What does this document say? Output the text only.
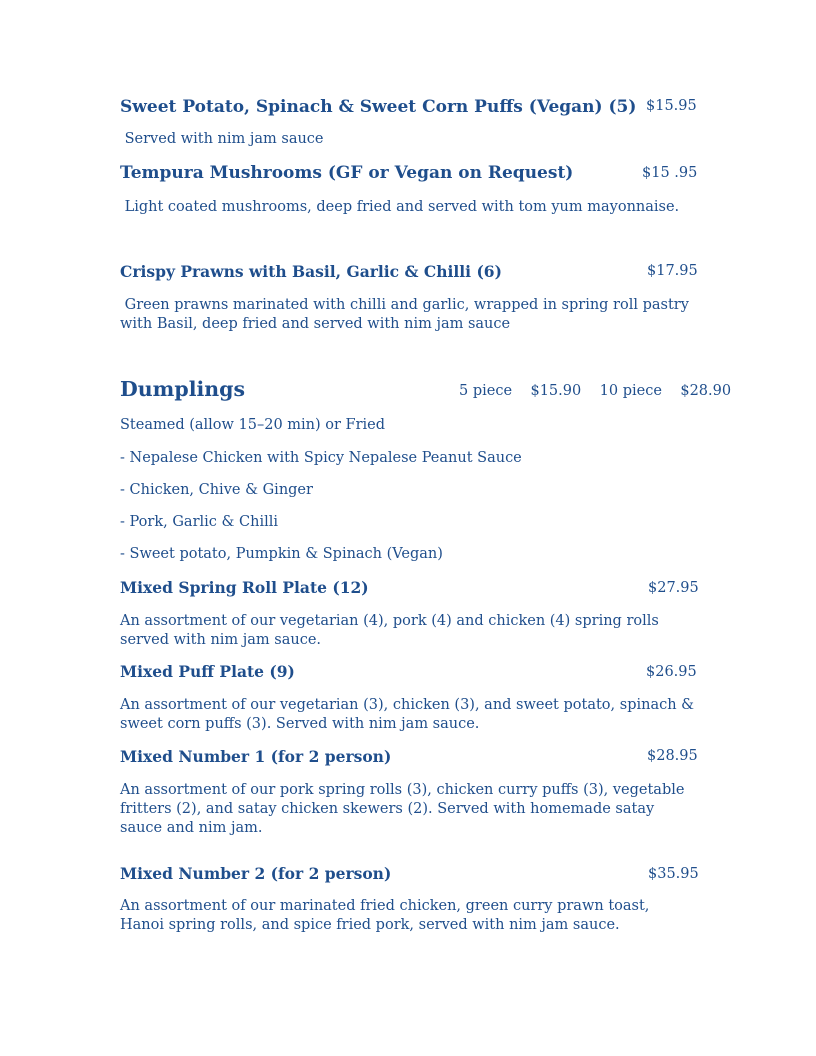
Sweet Potato, Spinach & Sweet Corn Puffs (Vegan) (5) $15.95
Served with nim jam sauce
Tempura Mushrooms (GF or Vegan on Request)	$15 .95
Light coated mushrooms, deep fried and served with tom yum mayonnaise.
Crispy Prawns with Basil, Garlic & Chilli (6)	$17.95
Green prawns marinated with chilli and garlic, wrapped in spring roll pastry with Basil, deep fried and served with nim jam sauce
Dumplings	5 piece    $15.90    10 piece    $28.90
Steamed (allow 15–20 min) or Fried
- Nepalese Chicken with Spicy Nepalese Peanut Sauce
- Chicken, Chive & Ginger
- Pork, Garlic & Chilli
- Sweet potato, Pumpkin & Spinach (Vegan)
Mixed Spring Roll Plate (12)	$27.95
An assortment of our vegetarian (4), pork (4) and chicken (4) spring rolls served with nim jam sauce.
Mixed Puff Plate (9)	$26.95
An assortment of our vegetarian (3), chicken (3), and sweet potato, spinach & sweet corn puffs (3). Served with nim jam sauce.
Mixed Number 1 (for 2 person)	$28.95
An assortment of our pork spring rolls (3), chicken curry puffs (3), vegetable fritters (2), and satay chicken skewers (2). Served with homemade satay sauce and nim jam.
Mixed Number 2 (for 2 person)	$35.95
An assortment of our marinated fried chicken, green curry prawn toast, Hanoi spring rolls, and spice fried pork, served with nim jam sauce.
